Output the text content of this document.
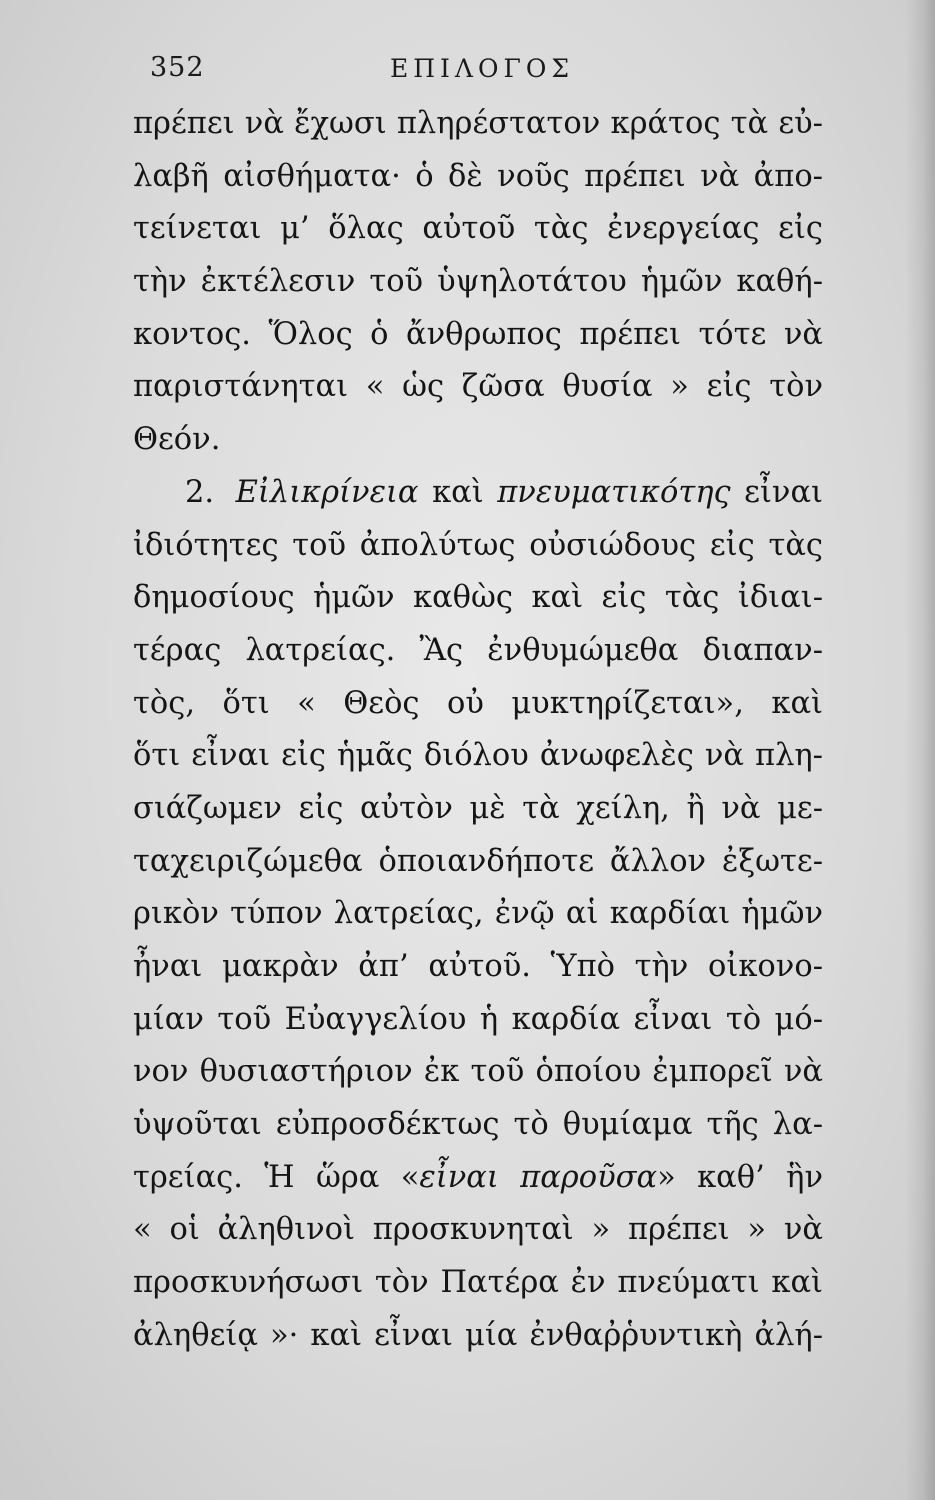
352	ΕΠΙΛΟΓΟΣ
πρέπει νὰ ἔχωσι πληρέστατον κράτος τὰ εὐ-
λαβῆ αἰσθήματα· ὁ δὲ νοῦς πρέπει νὰ ἀπο-
τείνεται μ’ ὅλας αὐτοῦ τὰς ἐνεργείας εἰς
τὴν ἐκτέλεσιν τοῦ ὑψηλοτάτου ἡμῶν καθή-
κοντος. Ὅλος ὁ ἄνθρωπος πρέπει τότε νὰ
παριστάνηται « ὡς ζῶσα θυσία » εἰς τὸν
Θεόν.
2. Εἰλικρίνεια καὶ πνευματικότης εἶναι
ἰδιότητες τοῦ ἀπολύτως οὐσιώδους εἰς τὰς
δημοσίους ἡμῶν καθὼς καὶ εἰς τὰς ἰδιαι-
τέρας λατρείας. Ἂς ἐνθυμώμεθα διαπαν-
τὸς, ὅτι « Θεὸς οὐ μυκτηρίζεται», καὶ
ὅτι εἶναι εἰς ἡμᾶς διόλου ἀνωφελὲς νὰ πλη-
σιάζωμεν εἰς αὐτὸν μὲ τὰ χείλη, ἢ νὰ με-
ταχειριζώμεθα ὁποιανδήποτε ἄλλον ἐξωτε-
ρικὸν τύπον λατρείας, ἐνῷ αἱ καρδίαι ἡμῶν
ἦναι μακρὰν ἀπ’ αὐτοῦ. Ὑπὸ τὴν οἰκονο-
μίαν τοῦ Εὐαγγελίου ἡ καρδία εἶναι τὸ μό-
νον θυσιαστήριον ἐκ τοῦ ὁποίου ἐμπορεῖ νὰ
ὑψοῦται εὐπροσδέκτως τὸ θυμίαμα τῆς λα-
τρείας. Ἡ ὥρα «εἶναι παροῦσα» καθ’ ἣν
« οἱ ἀληθινοὶ προσκυνηταὶ » πρέπει » νὰ
προσκυνήσωσι τὸν Πατέρα ἐν πνεύματι καὶ
ἀληθείᾳ »· καὶ εἶναι μία ἐνθαῤῥυντικὴ ἀλή-
